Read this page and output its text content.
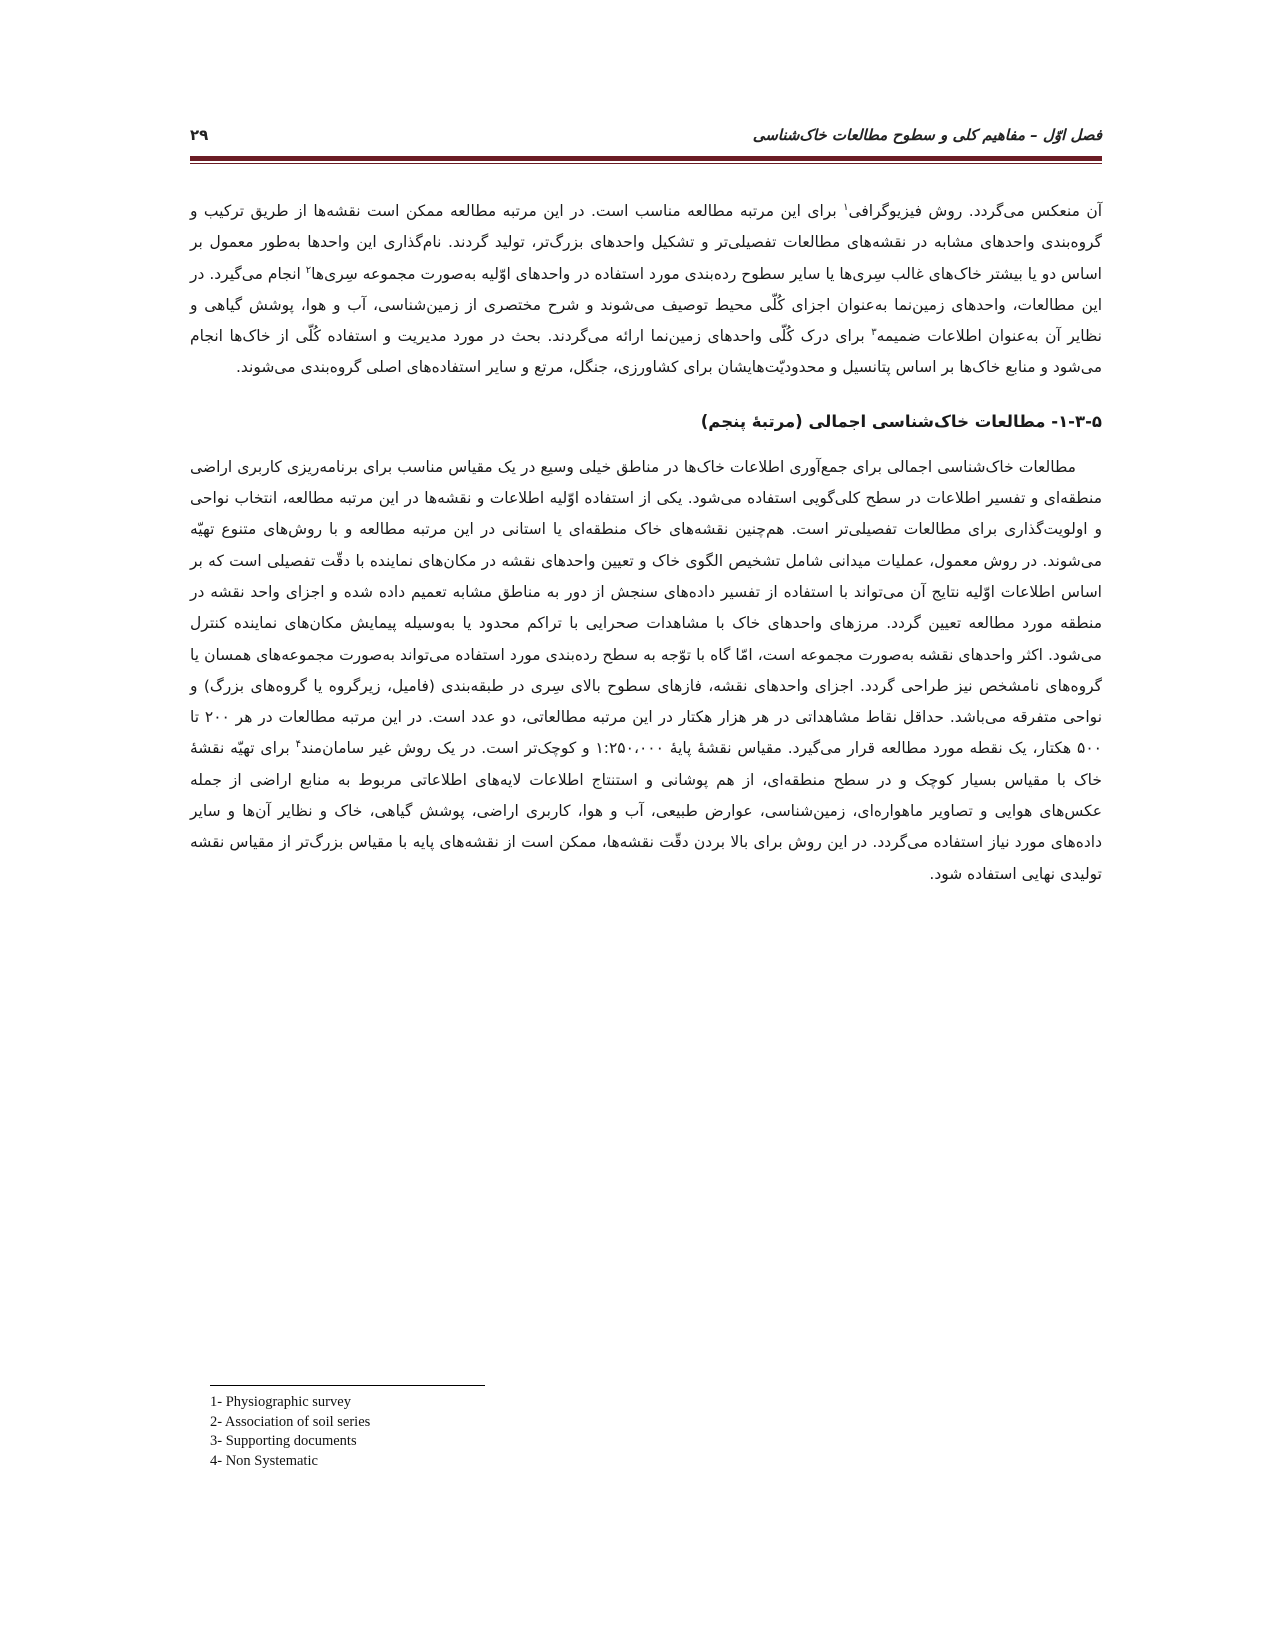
فصل اوّل – مفاهیم کلی و سطوح مطالعات خاک‌شناسی
۲۹

آن منعکس می‌گردد. روش فیزیوگرافی$^۱$ برای این مرتبه مطالعه مناسب است. در این مرتبه مطالعه ممکن است نقشه‌ها از طریق ترکیب و گروه‌بندی واحدهای مشابه در نقشه‌های مطالعات تفصیلی‌تر و تشکیل واحدهای بزرگ‌تر، تولید گردند. نام‌گذاری این واحدها به‌طور معمول بر اساس دو یا بیشتر خاک‌های غالب سِری‌ها یا سایر سطوح رده‌بندی مورد استفاده در واحدهای اوّلیه به‌صورت مجموعه سِری‌ها$^۲$ انجام می‌گیرد. در این مطالعات، واحدهای زمین‌نما به‌عنوان اجزای کُلّی محیط توصیف می‌شوند و شرح مختصری از زمین‌شناسی، آب و هوا، پوشش گیاهی و نظایر آن به‌عنوان اطلاعات ضمیمه$^۳$ برای درک کُلّی واحدهای زمین‌نما ارائه می‌گردند. بحث در مورد مدیریت و استفاده کُلّی از خاک‌ها انجام می‌شود و منابع خاک‌ها بر اساس پتانسیل و محدودیّت‌هایشان برای کشاورزی، جنگل، مرتع و سایر استفاده‌های اصلی گروه‌بندی می‌شوند.

۱-۳-۵- مطالعات خاک‌شناسی اجمالی (مرتبهٔ پنجم)

مطالعات خاک‌شناسی اجمالی برای جمع‌آوری اطلاعات خاک‌ها در مناطق خیلی وسیع در یک مقیاس مناسب برای برنامه‌ریزی کاربری اراضی منطقه‌ای و تفسیر اطلاعات در سطح کلی‌گویی استفاده می‌شود. یکی از استفاده اوّلیه اطلاعات و نقشه‌ها در این مرتبه مطالعه، انتخاب نواحی و اولویت‌گذاری برای مطالعات تفصیلی‌تر است. هم‌چنین نقشه‌های خاک منطقه‌ای یا استانی در این مرتبه مطالعه و با روش‌های متنوع تهیّه می‌شوند. در روش معمول، عملیات میدانی شامل تشخیص الگوی خاک و تعیین واحدهای نقشه در مکان‌های نماینده با دقّت تفصیلی است که بر اساس اطلاعات اوّلیه نتایج آن می‌تواند با استفاده از تفسیر داده‌های سنجش از دور به مناطق مشابه تعمیم داده شده و اجزای واحد نقشه در منطقه مورد مطالعه تعیین گردد. مرزهای واحدهای خاک با مشاهدات صحرایی با تراکم محدود یا به‌وسیله پیمایش مکان‌های نماینده کنترل می‌شود. اکثر واحدهای نقشه به‌صورت مجموعه است، امّا گاه با توّجه به سطح رده‌بندی مورد استفاده می‌تواند به‌صورت مجموعه‌های همسان یا گروه‌های نامشخص نیز طراحی گردد. اجزای واحدهای نقشه، فازهای سطوح بالای سِری در طبقه‌بندی (فامیل، زیرگروه یا گروه‌های بزرگ) و نواحی متفرقه می‌باشد. حداقل نقاط مشاهداتی در هر هزار هکتار در این مرتبه مطالعاتی، دو عدد است. در این مرتبه مطالعات در هر ۲۰۰ تا ۵۰۰ هکتار، یک نقطه مورد مطالعه قرار می‌گیرد. مقیاس نقشهٔ پایهٔ ۱:۲۵۰،۰۰۰ و کوچک‌تر است. در یک روش غیر سامان‌مند$^۴$ برای تهیّه نقشهٔ خاک با مقیاس بسیار کوچک و در سطح منطقه‌ای، از هم پوشانی و استنتاج اطلاعات لایه‌های اطلاعاتی مربوط به منابع اراضی از جمله عکس‌های هوایی و تصاویر ماهواره‌ای، زمین‌شناسی، عوارض طبیعی، آب و هوا، کاربری اراضی، پوشش گیاهی، خاک و نظایر آن‌ها و سایر داده‌های مورد نیاز استفاده می‌گردد. در این روش برای بالا بردن دقّت نقشه‌ها، ممکن است از نقشه‌های پایه با مقیاس بزرگ‌تر از مقیاس نقشه تولیدی نهایی استفاده شود.

1- Physiographic survey
2- Association of soil series
3- Supporting documents
4- Non Systematic
